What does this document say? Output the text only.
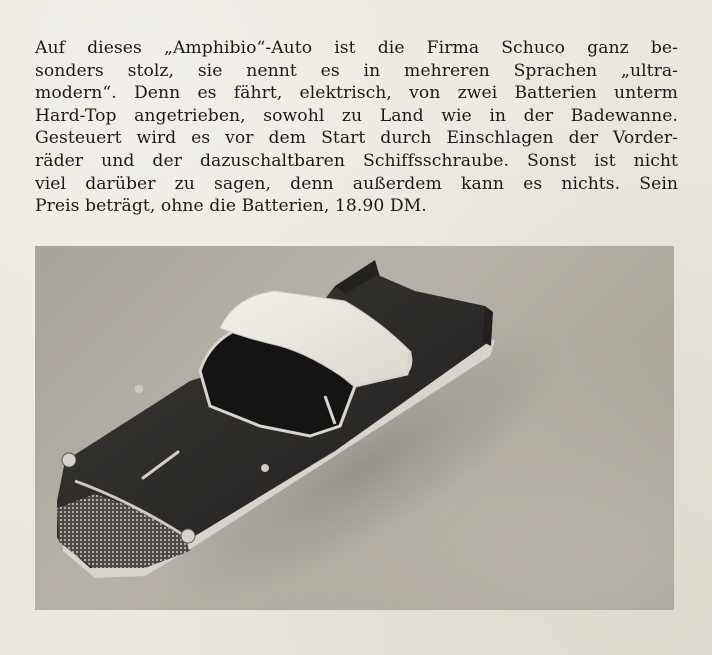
Auf dieses „Amphibio“-Auto ist die Firma Schuco ganz be-
sonders stolz, sie nennt es in mehreren Sprachen „ultra-
modern“. Denn es fährt, elektrisch, von zwei Batterien unterm
Hard-Top angetrieben, sowohl zu Land wie in der Badewanne.
Gesteuert wird es vor dem Start durch Einschlagen der Vorder-
räder und der dazuschaltbaren Schiffsschraube. Sonst ist nicht
viel darüber zu sagen, denn außerdem kann es nichts. Sein
Preis beträgt, ohne die Batterien, 18.90 DM.
